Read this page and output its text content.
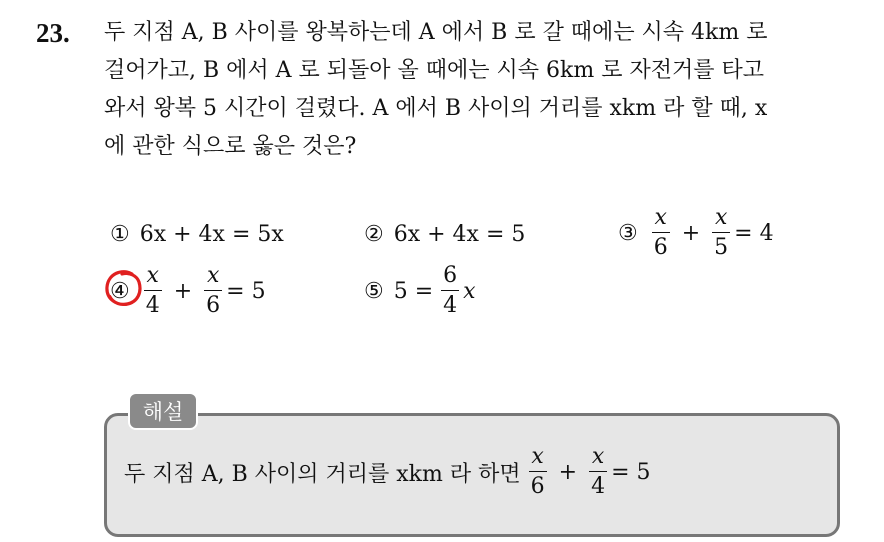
23. 두 지점 A, B 사이를 왕복하는데 A 에서 B 로 갈 때에는 시속 4km 로
걸어가고, B 에서 A 로 되돌아 올 때에는 시속 6km 로 자전거를 타고
와서 왕복 5 시간이 걸렸다. A 에서 B 사이의 거리를 xkm 라 할 때, x
에 관한 식으로 옳은 것은?
① 6x + 4x = 5x	② 6x + 4x = 5	③ $\frac{x}{6} + \frac{x}{5} = 4$
④ $\frac{x}{4} + \frac{x}{6} = 5$	⑤ $5 = \frac{6}{4}$ x
해설
두 지점 A, B 사이의 거리를 xkm 라 하면 $\frac{x}{6} + \frac{x}{4} = 5$
